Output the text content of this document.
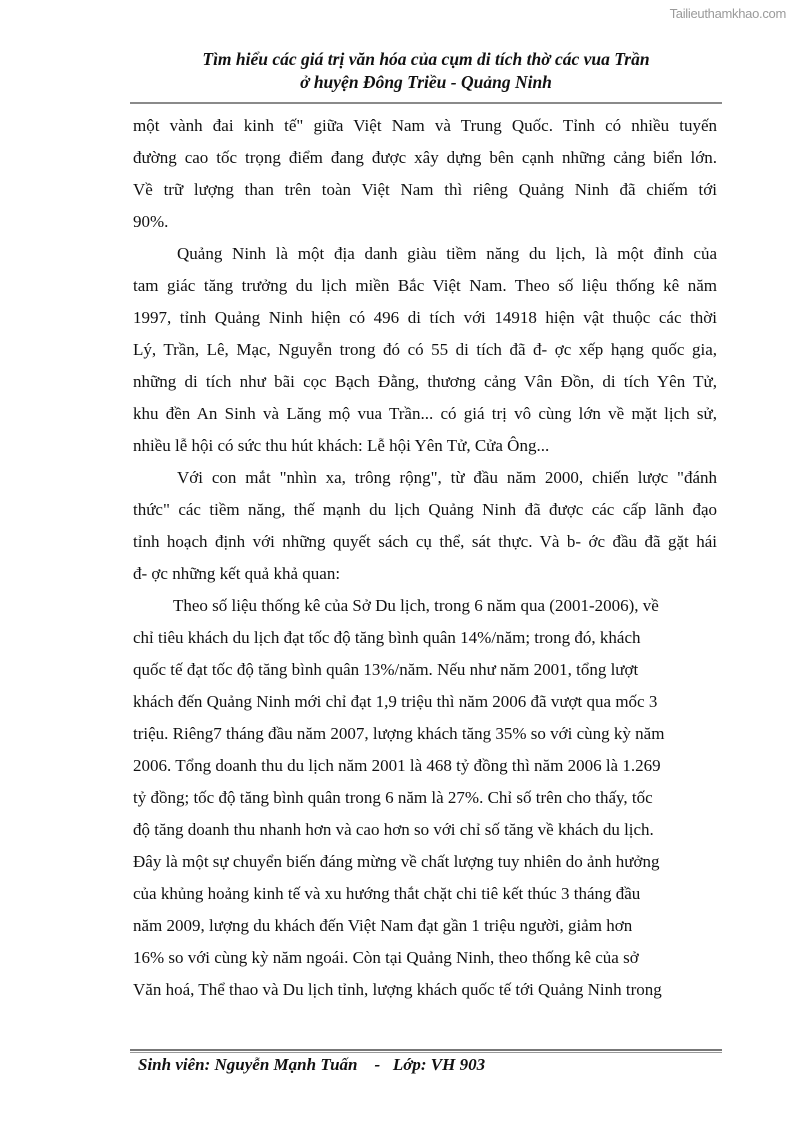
Tailieuthamkhao.com
Tìm hiểu các giá trị văn hóa của cụm di tích thờ các vua Trần
ở huyện Đông Triều - Quảng Ninh
một vành đai kinh tế" giữa Việt Nam và Trung Quốc. Tỉnh có nhiều tuyến
đường cao tốc trọng điểm đang được xây dựng bên cạnh những cảng biển lớn.
Về trữ lượng than trên toàn Việt Nam thì riêng Quảng Ninh đã chiếm tới
90%.
Quảng Ninh là một địa danh giàu tiềm năng du lịch, là một đỉnh của
tam giác tăng trưởng du lịch miền Bắc Việt Nam. Theo số liệu thống kê năm
1997, tỉnh Quảng Ninh hiện có 496 di tích với 14918 hiện vật thuộc các thời
Lý, Trần, Lê, Mạc, Nguyễn trong đó có 55 di tích đã đ- ợc xếp hạng quốc gia,
những di tích như bãi cọc Bạch Đằng, thương cảng Vân Đồn, di tích Yên Tử,
khu đền An Sinh và Lăng mộ vua Trần... có giá trị vô cùng lớn về mặt lịch sử,
nhiều lễ hội có sức thu hút khách: Lễ hội Yên Tử, Cửa Ông...
Với con mắt "nhìn xa, trông rộng", từ đầu năm 2000, chiến lược "đánh
thức" các tiềm năng, thế mạnh du lịch Quảng Ninh đã được các cấp lãnh đạo
tỉnh hoạch định với những quyết sách cụ thể, sát thực. Và b- ớc đầu đã gặt hái
đ- ợc những kết quả khả quan:
Theo số liệu thống kê của Sở Du lịch, trong 6 năm qua (2001-2006), về
chỉ tiêu khách du lịch đạt tốc độ tăng bình quân 14%/năm; trong đó, khách
quốc tế đạt tốc độ tăng bình quân 13%/năm. Nếu như năm 2001, tổng lượt
khách đến Quảng Ninh mới chỉ đạt 1,9 triệu thì năm 2006 đã vượt qua mốc 3
triệu. Riêng7 tháng đầu năm 2007, lượng khách tăng 35% so với cùng kỳ năm
2006. Tổng doanh thu du lịch năm 2001 là 468 tỷ đồng thì năm 2006 là 1.269
tỷ đồng; tốc độ tăng bình quân trong 6 năm là 27%. Chỉ số trên cho thấy, tốc
độ tăng doanh thu nhanh hơn và cao hơn so với chỉ số tăng về khách du lịch.
Đây là một sự chuyển biến đáng mừng về chất lượng tuy nhiên do ảnh hưởng
của khủng hoảng kinh tế và xu hướng thắt chặt chi tiê kết thúc 3 tháng đầu
năm 2009, lượng du khách đến Việt Nam đạt gần 1 triệu người, giảm hơn
16% so với cùng kỳ năm ngoái. Còn tại Quảng Ninh, theo thống kê của sở
Văn hoá, Thể thao và Du lịch tỉnh, lượng khách quốc tế tới Quảng Ninh trong
Sinh viên: Nguyễn Mạnh Tuấn    -   Lớp: VH 903
